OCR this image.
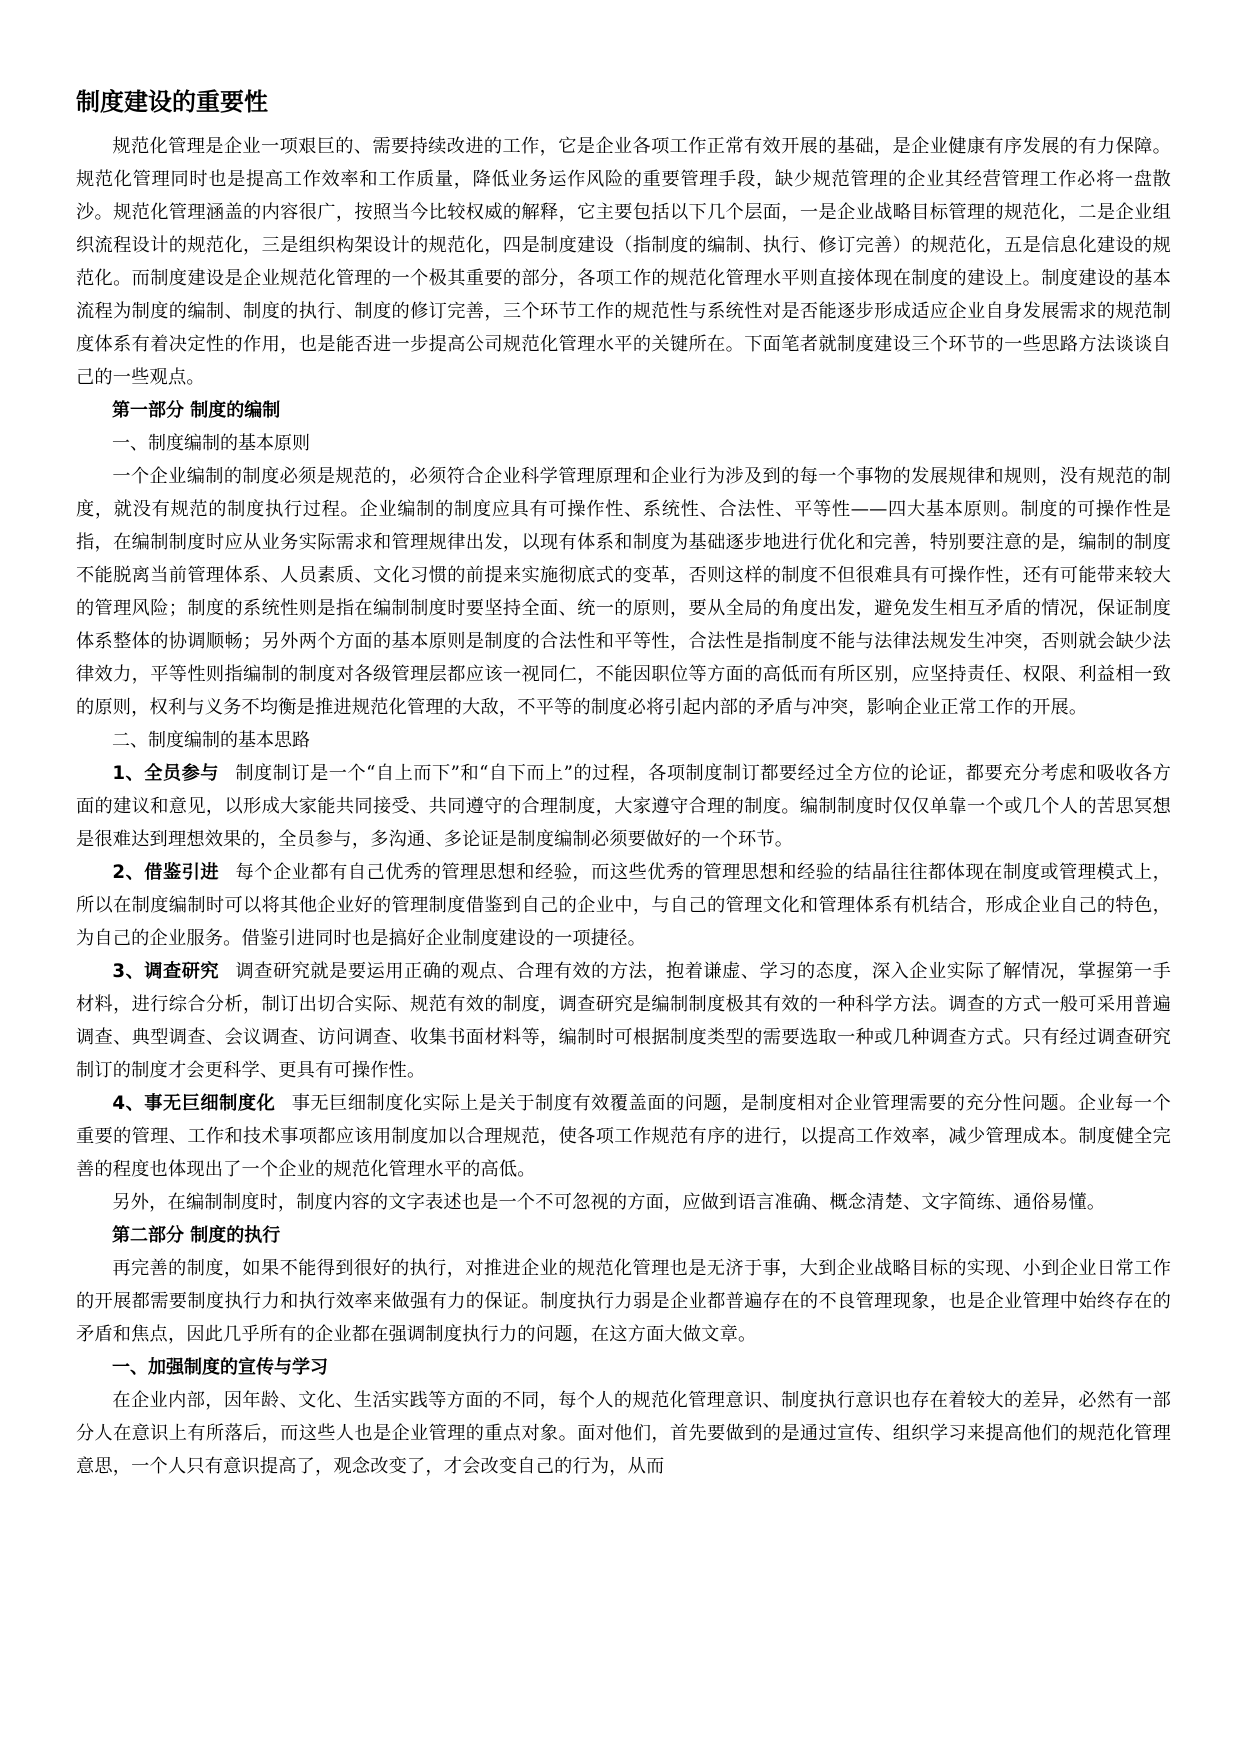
制度建设的重要性

规范化管理是企业一项艰巨的、需要持续改进的工作，它是企业各项工作正常有效开展的基础，是企业健康有序发展的有力保障。规范化管理同时也是提高工作效率和工作质量，降低业务运作风险的重要管理手段，缺少规范管理的企业其经营管理工作必将一盘散沙。规范化管理涵盖的内容很广，按照当今比较权威的解释，它主要包括以下几个层面，一是企业战略目标管理的规范化，二是企业组织流程设计的规范化，三是组织构架设计的规范化，四是制度建设（指制度的编制、执行、修订完善）的规范化，五是信息化建设的规范化。而制度建设是企业规范化管理的一个极其重要的部分，各项工作的规范化管理水平则直接体现在制度的建设上。制度建设的基本流程为制度的编制、制度的执行、制度的修订完善，三个环节工作的规范性与系统性对是否能逐步形成适应企业自身发展需求的规范制度体系有着决定性的作用，也是能否进一步提高公司规范化管理水平的关键所在。下面笔者就制度建设三个环节的一些思路方法谈谈自己的一些观点。

第一部分 制度的编制

一、制度编制的基本原则

一个企业编制的制度必须是规范的，必须符合企业科学管理原理和企业行为涉及到的每一个事物的发展规律和规则，没有规范的制度，就没有规范的制度执行过程。企业编制的制度应具有可操作性、系统性、合法性、平等性——四大基本原则。制度的可操作性是指，在编制制度时应从业务实际需求和管理规律出发，以现有体系和制度为基础逐步地进行优化和完善，特别要注意的是，编制的制度不能脱离当前管理体系、人员素质、文化习惯的前提来实施彻底式的变革，否则这样的制度不但很难具有可操作性，还有可能带来较大的管理风险；制度的系统性则是指在编制制度时要坚持全面、统一的原则，要从全局的角度出发，避免发生相互矛盾的情况，保证制度体系整体的协调顺畅；另外两个方面的基本原则是制度的合法性和平等性，合法性是指制度不能与法律法规发生冲突，否则就会缺少法律效力，平等性则指编制的制度对各级管理层都应该一视同仁，不能因职位等方面的高低而有所区别，应坚持责任、权限、利益相一致的原则，权利与义务不均衡是推进规范化管理的大敌，不平等的制度必将引起内部的矛盾与冲突，影响企业正常工作的开展。

二、制度编制的基本思路

1、全员参与 制度制订是一个“自上而下”和“自下而上”的过程，各项制度制订都要经过全方位的论证，都要充分考虑和吸收各方面的建议和意见，以形成大家能共同接受、共同遵守的合理制度，大家遵守合理的制度。编制制度时仅仅单靠一个或几个人的苦思冥想是很难达到理想效果的，全员参与，多沟通、多论证是制度编制必须要做好的一个环节。

2、借鉴引进 每个企业都有自己优秀的管理思想和经验，而这些优秀的管理思想和经验的结晶往往都体现在制度或管理模式上，所以在制度编制时可以将其他企业好的管理制度借鉴到自己的企业中，与自己的管理文化和管理体系有机结合，形成企业自己的特色，为自己的企业服务。借鉴引进同时也是搞好企业制度建设的一项捷径。

3、调查研究 调查研究就是要运用正确的观点、合理有效的方法，抱着谦虚、学习的态度，深入企业实际了解情况，掌握第一手材料，进行综合分析，制订出切合实际、规范有效的制度，调查研究是编制制度极其有效的一种科学方法。调查的方式一般可采用普遍调查、典型调查、会议调查、访问调查、收集书面材料等，编制时可根据制度类型的需要选取一种或几种调查方式。只有经过调查研究制订的制度才会更科学、更具有可操作性。

4、事无巨细制度化 事无巨细制度化实际上是关于制度有效覆盖面的问题，是制度相对企业管理需要的充分性问题。企业每一个重要的管理、工作和技术事项都应该用制度加以合理规范，使各项工作规范有序的进行，以提高工作效率，减少管理成本。制度健全完善的程度也体现出了一个企业的规范化管理水平的高低。

另外，在编制制度时，制度内容的文字表述也是一个不可忽视的方面，应做到语言准确、概念清楚、文字简练、通俗易懂。

第二部分 制度的执行

再完善的制度，如果不能得到很好的执行，对推进企业的规范化管理也是无济于事，大到企业战略目标的实现、小到企业日常工作的开展都需要制度执行力和执行效率来做强有力的保证。制度执行力弱是企业都普遍存在的不良管理现象，也是企业管理中始终存在的矛盾和焦点，因此几乎所有的企业都在强调制度执行力的问题，在这方面大做文章。

一、加强制度的宣传与学习

在企业内部，因年龄、文化、生活实践等方面的不同，每个人的规范化管理意识、制度执行意识也存在着较大的差异，必然有一部分人在意识上有所落后，而这些人也是企业管理的重点对象。面对他们，首先要做到的是通过宣传、组织学习来提高他们的规范化管理意思，一个人只有意识提高了，观念改变了，才会改变自己的行为，从而
